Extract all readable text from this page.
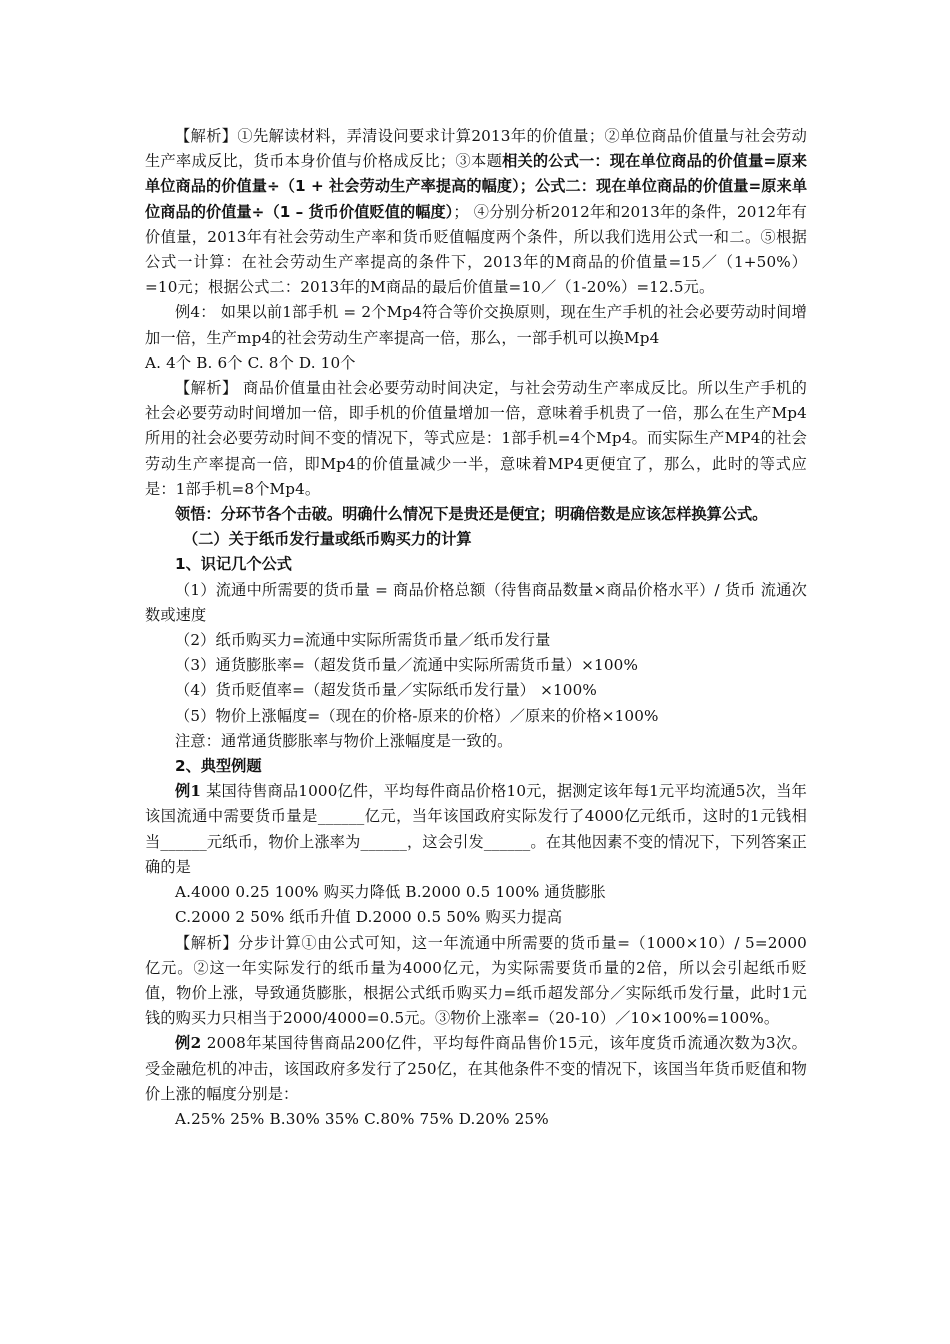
【解析】①先解读材料，弄清设问要求计算2013年的价值量；②单位商品价值量与社会劳动生产率成反比，货币本身价值与价格成反比；③本题相关的公式一：现在单位商品的价值量=原来单位商品的价值量÷（1 + 社会劳动生产率提高的幅度）；公式二：现在单位商品的价值量=原来单位商品的价值量÷（1 – 货币价值贬值的幅度）； ④分别分析2012年和2013年的条件，2012年有价值量，2013年有社会劳动生产率和货币贬值幅度两个条件，所以我们选用公式一和二。⑤根据公式一计算：在社会劳动生产率提高的条件下，2013年的M商品的价值量=15／（1+50%）=10元；根据公式二：2013年的M商品的最后价值量=10／（1-20%）=12.5元。

例4： 如果以前1部手机 = 2个Mp4符合等价交换原则，现在生产手机的社会必要劳动时间增加一倍，生产mp4的社会劳动生产率提高一倍，那么，一部手机可以换Mp4

A. 4个 B. 6个 C. 8个 D. 10个

【解析】 商品价值量由社会必要劳动时间决定，与社会劳动生产率成反比。所以生产手机的社会必要劳动时间增加一倍，即手机的价值量增加一倍，意味着手机贵了一倍，那么在生产Mp4所用的社会必要劳动时间不变的情况下，等式应是：1部手机=4个Mp4。而实际生产MP4的社会劳动生产率提高一倍，即Mp4的价值量减少一半，意味着MP4更便宜了，那么，此时的等式应是：1部手机=8个Mp4。

领悟：分环节各个击破。明确什么情况下是贵还是便宜；明确倍数是应该怎样换算公式。

（二）关于纸币发行量或纸币购买力的计算

1、识记几个公式

（1）流通中所需要的货币量 = 商品价格总额（待售商品数量×商品价格水平）/ 货币 流通次数或速度

（2）纸币购买力=流通中实际所需货币量／纸币发行量

（3）通货膨胀率=（超发货币量／流通中实际所需货币量）×100%

（4）货币贬值率=（超发货币量／实际纸币发行量） ×100%

（5）物价上涨幅度=（现在的价格-原来的价格）／原来的价格×100%

注意：通常通货膨胀率与物价上涨幅度是一致的。

2、典型例题

例1 某国待售商品1000亿件，平均每件商品价格10元，据测定该年每1元平均流通5次，当年该国流通中需要货币量是______亿元，当年该国政府实际发行了4000亿元纸币，这时的1元钱相当______元纸币，物价上涨率为______，这会引发______。在其他因素不变的情况下，下列答案正确的是

A.4000 0.25 100% 购买力降低 B.2000 0.5 100% 通货膨胀

C.2000 2 50% 纸币升值 D.2000 0.5 50% 购买力提高

【解析】分步计算①由公式可知，这一年流通中所需要的货币量=（1000×10）/ 5=2000亿元。②这一年实际发行的纸币量为4000亿元，为实际需要货币量的2倍，所以会引起纸币贬值，物价上涨，导致通货膨胀，根据公式纸币购买力=纸币超发部分／实际纸币发行量，此时1元钱的购买力只相当于2000/4000=0.5元。③物价上涨率=（20-10）／10×100%=100%。

例2 2008年某国待售商品200亿件，平均每件商品售价15元，该年度货币流通次数为3次。受金融危机的冲击，该国政府多发行了250亿，在其他条件不变的情况下，该国当年货币贬值和物价上涨的幅度分别是：

A.25% 25% B.30% 35% C.80% 75% D.20% 25%
